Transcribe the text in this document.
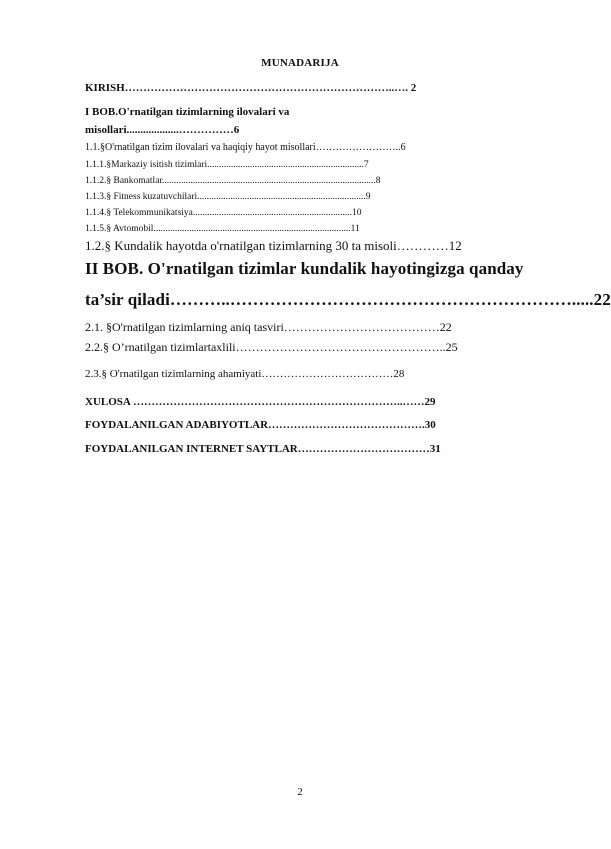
MUNADARIJA
KIRISH………………………………………………………………..…. 2
I BOB.O'rnatilgan tizimlarning ilovalari va
misollari...................……………6
1.1.§O'rnatilgan tizim ilovalari va haqiqiy hayot misollari……………………..6
1.1.1.§Markaziy isitish tizimlari..................................................................7
1.1.2.§ Bankomatlar..........................................................................................8
1.1.3.§ Fitness kuzatuvchilari.......................................................................9
1.1.4.§ Telekommunikatsiya...................................................................10
1.1.5.§ Avtomobil...................................................................................11
1.2.§ Kundalik hayotda o'rnatilgan tizimlarning 30 ta misoli…………12
II BOB. O'rnatilgan tizimlar kundalik hayotingizga qanday
ta’sir qiladi………..…………………………………………………….....22
2.1. §O'rnatilgan tizimlarning aniq tasviri…………………………………22
2.2.§ O’rnatilgan tizimlartaxlili……………………………………………..25
2.3.§ O'rnatilgan tizimlarning ahamiyati………………………………28
XULOSA ………………………………………………………………..……29
FOYDALANILGAN ADABIYOTLAR…………………………………….30
FOYDALANILGAN INTERNET SAYTLAR………………………………31
2
